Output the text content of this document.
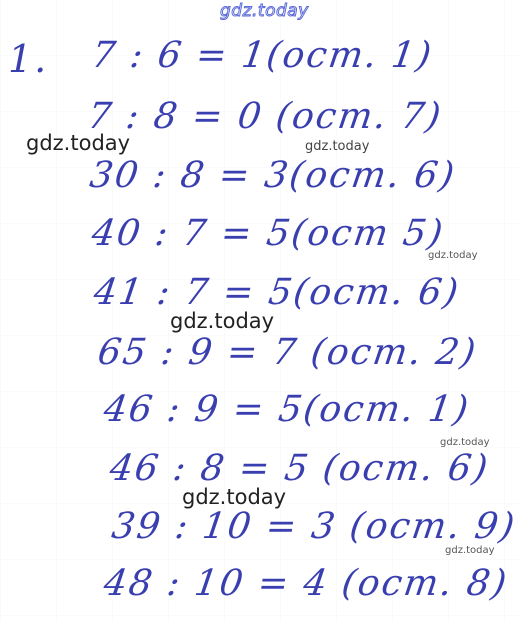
gdz.today
1. 7 : 6 = 1(ост. 1)
7 : 8 = 0 (ост. 7)
30 : 8 = 3(ост. 6)
40 : 7 = 5(ост 5)
41 : 7 = 5(ост. 6)
65 : 9 = 7 (ост. 2)
46 : 9 = 5(ост. 1)
46 : 8 = 5 (ост. 6)
39 : 10 = 3 (ост. 9)
48 : 10 = 4 (ост. 8)
gdz.today	gdz.today
gdz.today
gdz.today
gdz.today
gdz.today
gdz.today
